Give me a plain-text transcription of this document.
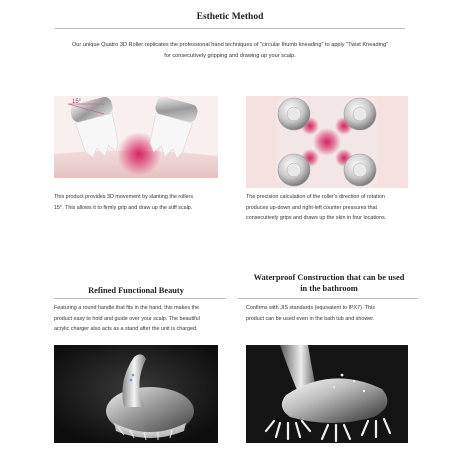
Esthetic Method
Our unique Quatro 3D Roller replicates the professional hand techniques of "circular thumb kneading" to apply "Twist Kneading"
for consecutively gripping and drawing up your scalp.
15°
This product provides 3D movement by slanting the rollers
15°. This allows it to firmly grip and draw up the stiff scalp.
The precision calculation of the roller's direction of rotation
produces up-down and right-left counter pressures that
consecutively grips and draws up the skin in four locations.
Refined Functional Beauty
Waterproof Construction that can be used
in the bathroom
Featuring a round handle that fits in the hand, this makes the
product easy to hold and guide over your scalp. The beautiful
acrylic charger also acts as a stand after the unit is charged.
Confirms with JIS standards (equivalent to IPX7). This
product can be used even in the bath tub and shower.
